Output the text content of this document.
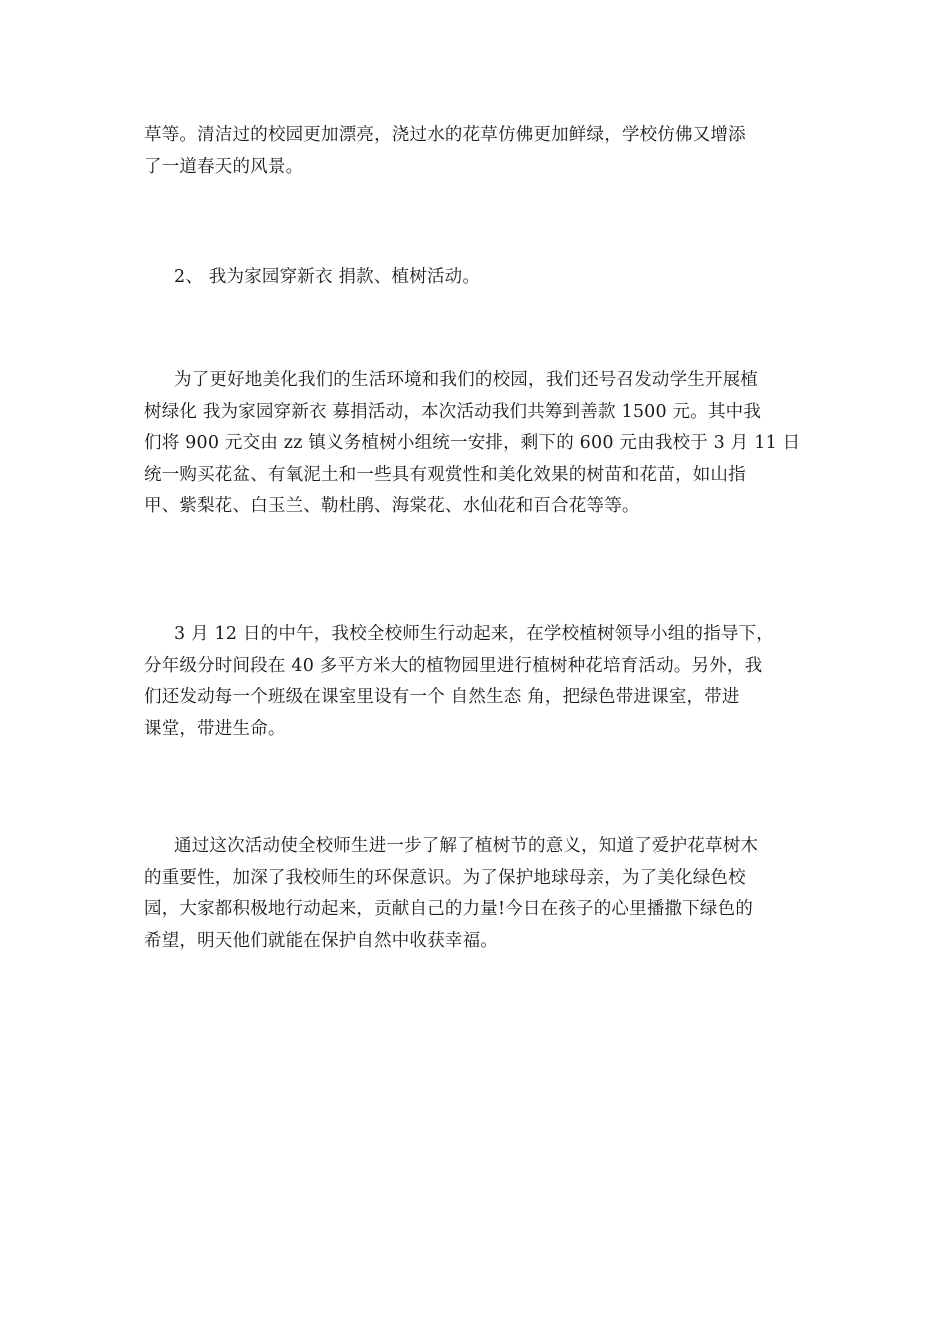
草等。清洁过的校园更加漂亮，浇过水的花草仿佛更加鲜绿，学校仿佛又增添
了一道春天的风景。

2、 我为家园穿新衣 捐款、植树活动。

为了更好地美化我们的生活环境和我们的校园，我们还号召发动学生开展植
树绿化 我为家园穿新衣 募捐活动，本次活动我们共筹到善款 1500 元。其中我
们将 900 元交由 zz 镇义务植树小组统一安排，剩下的 600 元由我校于 3 月 11 日
统一购买花盆、有氧泥土和一些具有观赏性和美化效果的树苗和花苗，如山指
甲、紫梨花、白玉兰、勒杜鹃、海棠花、水仙花和百合花等等。

3 月 12 日的中午，我校全校师生行动起来，在学校植树领导小组的指导下，
分年级分时间段在 40 多平方米大的植物园里进行植树种花培育活动。另外，我
们还发动每一个班级在课室里设有一个 自然生态 角，把绿色带进课室，带进
课堂，带进生命。

通过这次活动使全校师生进一步了解了植树节的意义，知道了爱护花草树木
的重要性，加深了我校师生的环保意识。为了保护地球母亲，为了美化绿色校
园，大家都积极地行动起来，贡献自己的力量!今日在孩子的心里播撒下绿色的
希望，明天他们就能在保护自然中收获幸福。
